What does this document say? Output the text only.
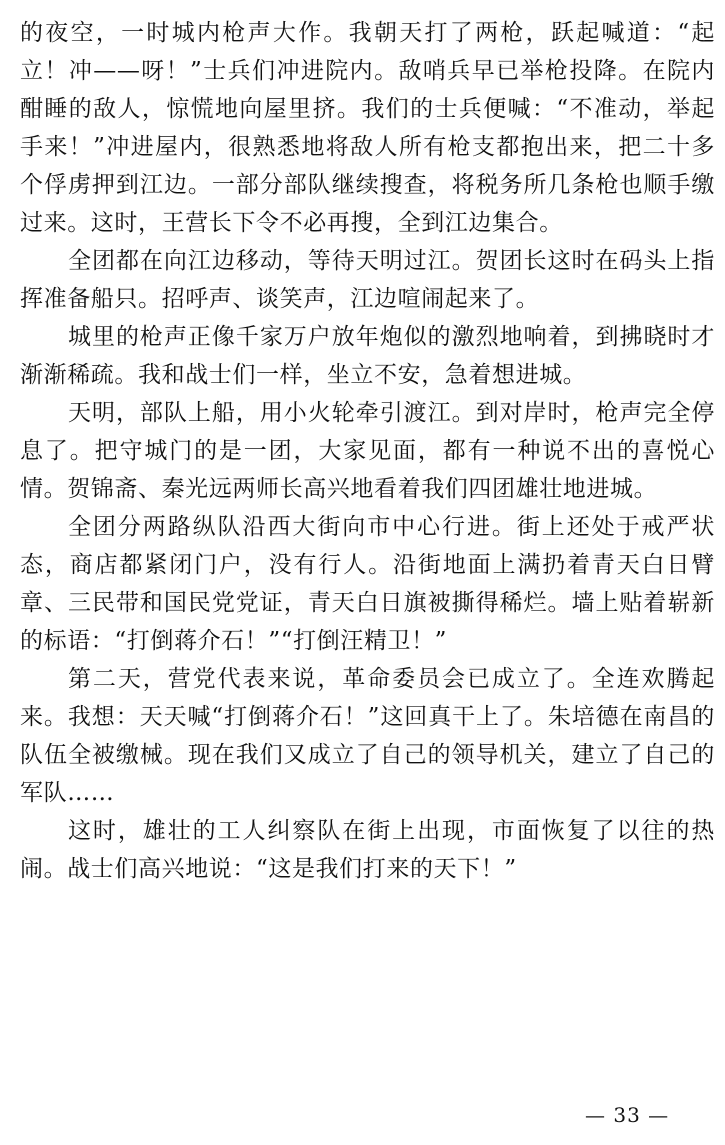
的夜空，一时城内枪声大作。我朝天打了两枪，跃起喊道：“起立！冲——呀！”士兵们冲进院内。敌哨兵早已举枪投降。在院内酣睡的敌人，惊慌地向屋里挤。我们的士兵便喊：“不准动，举起手来！”冲进屋内，很熟悉地将敌人所有枪支都抱出来，把二十多个俘虏押到江边。一部分部队继续搜查，将税务所几条枪也顺手缴过来。这时，王营长下令不必再搜，全到江边集合。

全团都在向江边移动，等待天明过江。贺团长这时在码头上指挥准备船只。招呼声、谈笑声，江边喧闹起来了。

城里的枪声正像千家万户放年炮似的激烈地响着，到拂晓时才渐渐稀疏。我和战士们一样，坐立不安，急着想进城。

天明，部队上船，用小火轮牵引渡江。到对岸时，枪声完全停息了。把守城门的是一团，大家见面，都有一种说不出的喜悦心情。贺锦斋、秦光远两师长高兴地看着我们四团雄壮地进城。

全团分两路纵队沿西大街向市中心行进。街上还处于戒严状态，商店都紧闭门户，没有行人。沿街地面上满扔着青天白日臂章、三民带和国民党党证，青天白日旗被撕得稀烂。墙上贴着崭新的标语：“打倒蒋介石！”“打倒汪精卫！”

第二天，营党代表来说，革命委员会已成立了。全连欢腾起来。我想：天天喊“打倒蒋介石！”这回真干上了。朱培德在南昌的队伍全被缴械。现在我们又成立了自己的领导机关，建立了自己的军队……

这时，雄壮的工人纠察队在街上出现，市面恢复了以往的热闹。战士们高兴地说：“这是我们打来的天下！”

— 33 —
